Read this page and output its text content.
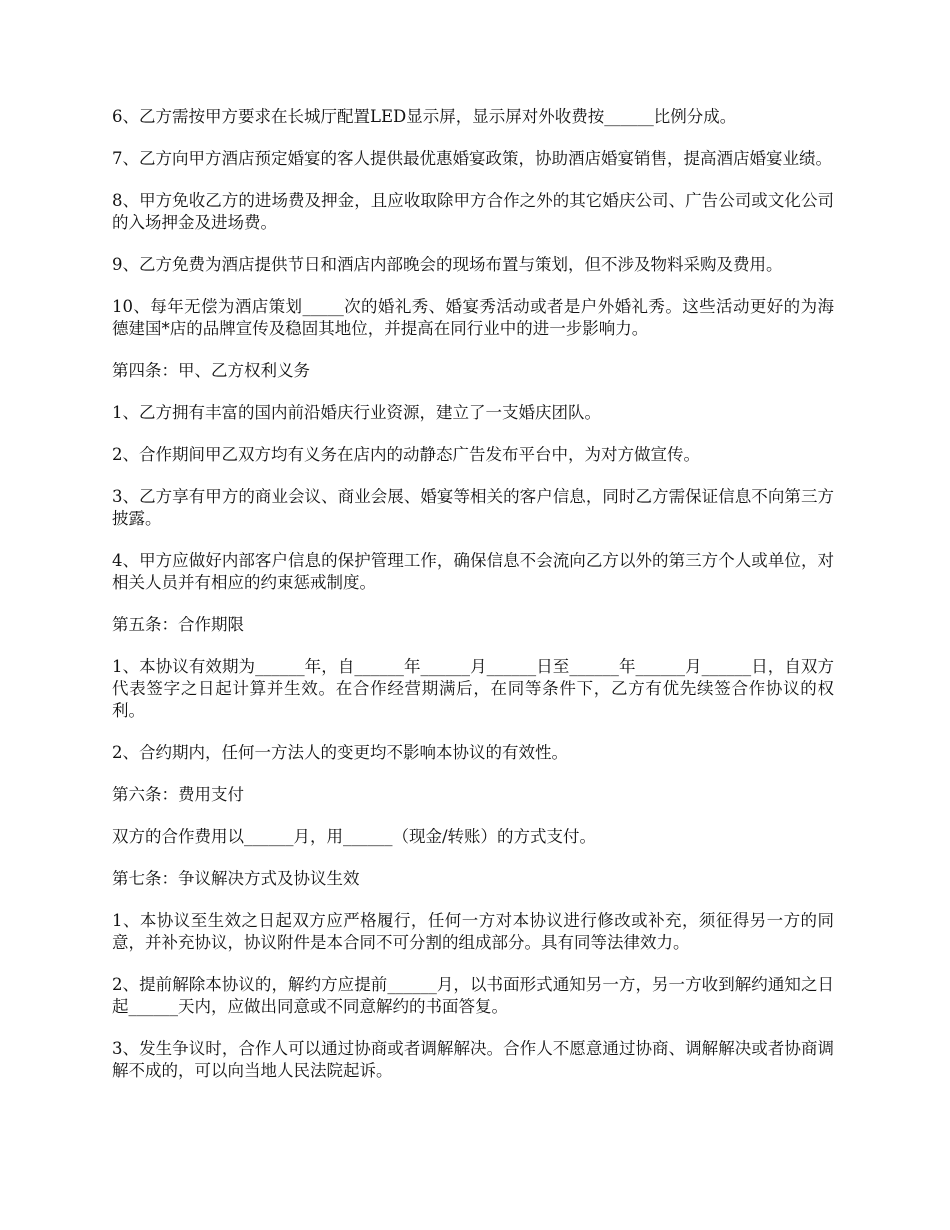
6、乙方需按甲方要求在长城厅配置LED显示屏，显示屏对外收费按______比例分成。

7、乙方向甲方酒店预定婚宴的客人提供最优惠婚宴政策，协助酒店婚宴销售，提高酒店婚宴业绩。

8、甲方免收乙方的进场费及押金，且应收取除甲方合作之外的其它婚庆公司、广告公司或文化公司的入场押金及进场费。

9、乙方免费为酒店提供节日和酒店内部晚会的现场布置与策划，但不涉及物料采购及费用。

10、每年无偿为酒店策划_____次的婚礼秀、婚宴秀活动或者是户外婚礼秀。这些活动更好的为海德建国*店的品牌宣传及稳固其地位，并提高在同行业中的进一步影响力。

第四条：甲、乙方权利义务

1、乙方拥有丰富的国内前沿婚庆行业资源，建立了一支婚庆团队。

2、合作期间甲乙双方均有义务在店内的动静态广告发布平台中，为对方做宣传。

3、乙方享有甲方的商业会议、商业会展、婚宴等相关的客户信息，同时乙方需保证信息不向第三方披露。

4、甲方应做好内部客户信息的保护管理工作，确保信息不会流向乙方以外的第三方个人或单位，对相关人员并有相应的约束惩戒制度。

第五条：合作期限

1、本协议有效期为______年，自______年______月______日至______年______月______日，自双方代表签字之日起计算并生效。在合作经营期满后，在同等条件下，乙方有优先续签合作协议的权利。

2、合约期内，任何一方法人的变更均不影响本协议的有效性。

第六条：费用支付

双方的合作费用以______月，用______（现金/转账）的方式支付。

第七条：争议解决方式及协议生效

1、本协议至生效之日起双方应严格履行，任何一方对本协议进行修改或补充，须征得另一方的同意，并补充协议，协议附件是本合同不可分割的组成部分。具有同等法律效力。

2、提前解除本协议的，解约方应提前______月，以书面形式通知另一方，另一方收到解约通知之日起______天内，应做出同意或不同意解约的书面答复。

3、发生争议时，合作人可以通过协商或者调解解决。合作人不愿意通过协商、调解解决或者协商调解不成的，可以向当地人民法院起诉。
